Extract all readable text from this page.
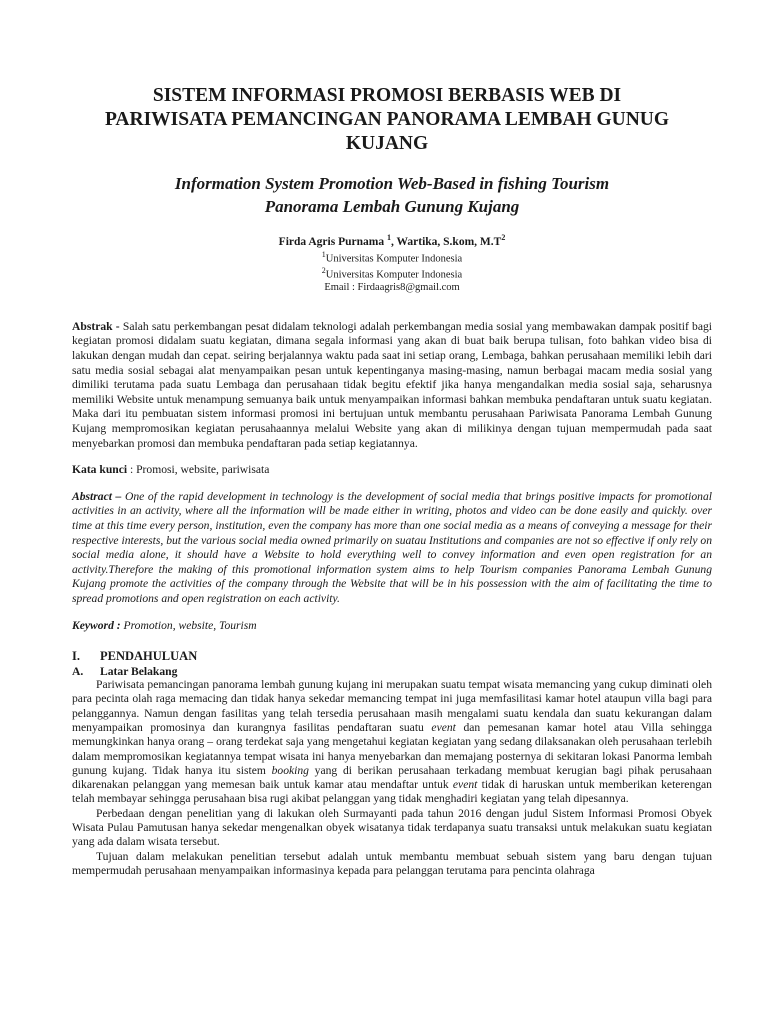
SISTEM INFORMASI PROMOSI BERBASIS WEB DI
PARIWISATA PEMANCINGAN PANORAMA LEMBAH GUNUG
KUJANG
Information System Promotion Web-Based in fishing Tourism
Panorama Lembah Gunung Kujang
Firda Agris Purnama $^1$, Wartika, S.kom, $M.T^2$
$^1$Universitas Komputer Indonesia
$^2$Universitas Komputer Indonesia
Email : Firdaagris8@gmail.com

Abstrak - Salah satu perkembangan pesat didalam teknologi adalah perkembangan media sosial yang membawakan dampak positif bagi kegiatan promosi didalam suatu kegiatan, dimana segala informasi yang akan di buat baik berupa tulisan, foto bahkan video bisa di lakukan dengan mudah dan cepat. seiring berjalannya waktu pada saat ini setiap orang, Lembaga, bahkan perusahaan memiliki lebih dari satu media sosial sebagai alat menyampaikan pesan untuk kepentinganya masing-masing, namun berbagai macam media sosial yang dimiliki terutama pada suatu Lembaga dan perusahaan tidak begitu efektif jika hanya mengandalkan media sosial saja, seharusnya memiliki Website untuk menampung semuanya baik untuk menyampaikan informasi bahkan membuka pendaftaran untuk suatu kegiatan. Maka dari itu pembuatan sistem informasi promosi ini bertujuan untuk membantu perusahaan Pariwisata Panorama Lembah Gunung Kujang mempromosikan kegiatan perusahaannya melalui Website yang akan di milikinya dengan tujuan mempermudah pada saat menyebarkan promosi dan membuka pendaftaran pada setiap kegiatannya.

Kata kunci : Promosi, website, pariwisata

Abstract – One of the rapid development in technology is the development of social media that brings positive impacts for promotional activities in an activity, where all the information will be made either in writing, photos and video can be done easily and quickly. over time at this time every person, institution, even the company has more than one social media as a means of conveying a message for their respective interests, but the various social media owned primarily on suatau Institutions and companies are not so effective if only rely on social media alone, it should have a Website to hold everything well to convey information and even open registration for an activity.Therefore the making of this promotional information system aims to help Tourism companies Panorama Lembah Gunung Kujang promote the activities of the company through the Website that will be in his possession with the aim of facilitating the time to spread promotions and open registration on each activity.

Keyword : Promotion, website, Tourism

I.	PENDAHULUAN
A.	Latar Belakang

Pariwisata pemancingan panorama lembah gunung kujang ini merupakan suatu tempat wisata memancing yang cukup diminati oleh para pecinta olah raga memacing dan tidak hanya sekedar memancing tempat ini juga memfasilitasi kamar hotel ataupun villa bagi para pelanggannya. Namun dengan fasilitas yang telah tersedia perusahaan masih mengalami suatu kendala dan suatu kekurangan dalam menyampaikan promosinya dan kurangnya fasilitas pendaftaran suatu event dan pemesanan kamar hotel atau Villa sehingga memungkinkan hanya orang – orang terdekat saja yang mengetahui kegiatan kegiatan yang sedang dilaksanakan oleh perusahaan terlebih dalam mempromosikan kegiatannya tempat wisata ini hanya menyebarkan dan memajang posternya di sekitaran lokasi Panorma lembah gunung kujang. Tidak hanya itu sistem booking yang di berikan perusahaan terkadang membuat kerugian bagi pihak perusahaan dikarenakan pelanggan yang memesan baik untuk kamar atau mendaftar untuk event tidak di haruskan untuk memberikan keterengan telah membayar sehingga perusahaan bisa rugi akibat pelanggan yang tidak menghadiri kegiatan yang telah dipesannya.

Perbedaan dengan penelitian yang di lakukan oleh Surmayanti pada tahun 2016 dengan judul Sistem Informasi Promosi Obyek Wisata Pulau Pamutusan hanya sekedar mengenalkan obyek wisatanya tidak terdapanya suatu transaksi untuk melakukan suatu kegiatan yang ada dalam wisata tersebut.

Tujuan dalam melakukan penelitian tersebut adalah untuk membantu membuat sebuah sistem yang baru dengan tujuan mempermudah perusahaan menyampaikan informasinya kepada para pelanggan terutama para pencinta olahraga
